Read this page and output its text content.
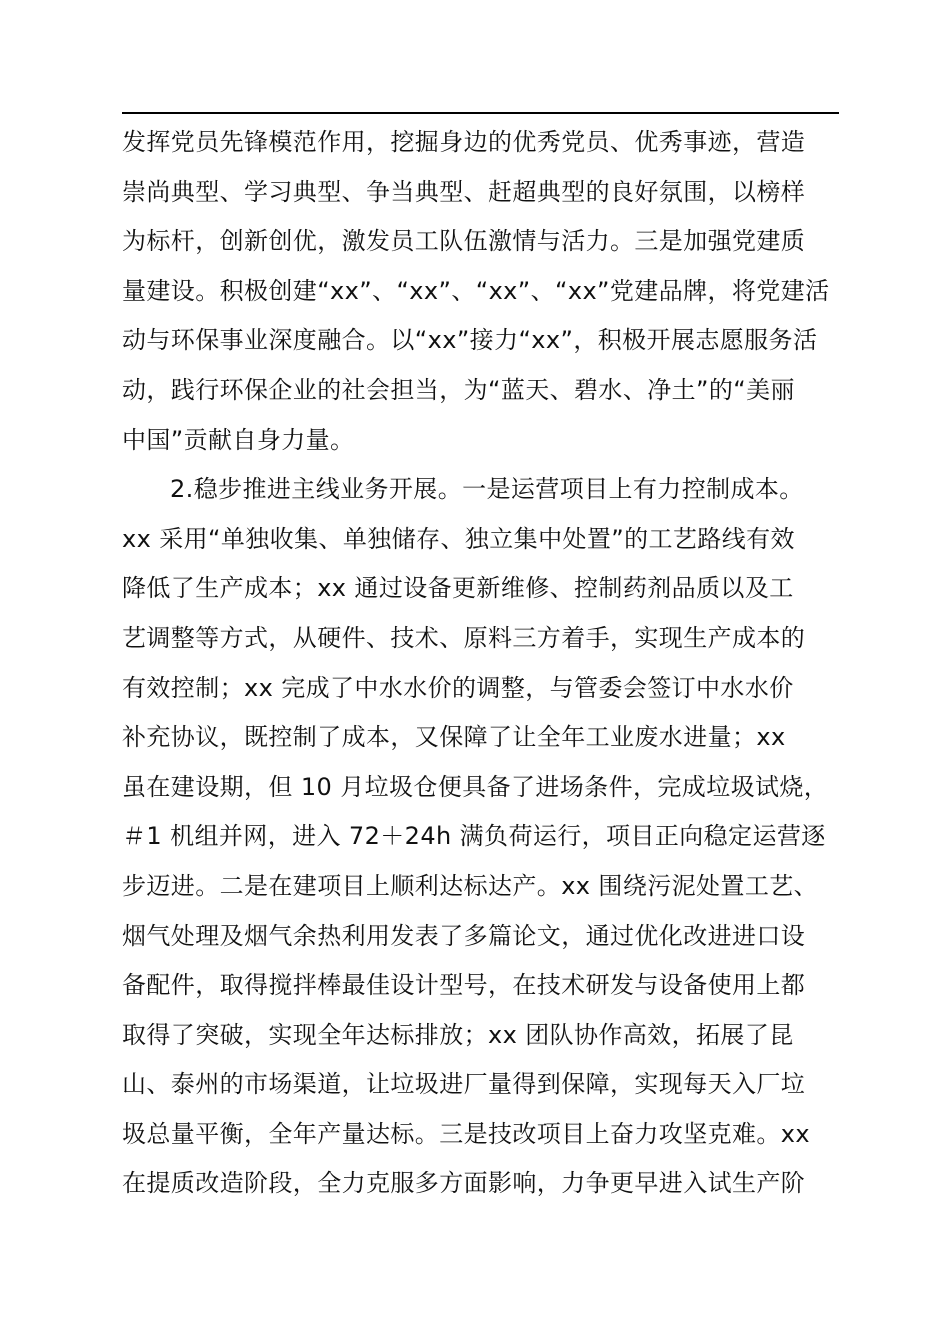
发挥党员先锋模范作用，挖掘身边的优秀党员、优秀事迹，营造
崇尚典型、学习典型、争当典型、赶超典型的良好氛围，以榜样
为标杆，创新创优，激发员工队伍激情与活力。三是加强党建质
量建设。积极创建“xx”、“xx”、“xx”、“xx”党建品牌，将党建活
动与环保事业深度融合。以“xx”接力“xx”，积极开展志愿服务活
动，践行环保企业的社会担当，为“蓝天、碧水、净土”的“美丽
中国”贡献自身力量。
2.稳步推进主线业务开展。一是运营项目上有力控制成本。
xx 采用“单独收集、单独储存、独立集中处置”的工艺路线有效
降低了生产成本；xx 通过设备更新维修、控制药剂品质以及工
艺调整等方式，从硬件、技术、原料三方着手，实现生产成本的
有效控制；xx 完成了中水水价的调整，与管委会签订中水水价
补充协议，既控制了成本，又保障了让全年工业废水进量；xx
虽在建设期，但 10 月垃圾仓便具备了进场条件，完成垃圾试烧，
＃1 机组并网，进入 72＋24h 满负荷运行，项目正向稳定运营逐
步迈进。二是在建项目上顺利达标达产。xx 围绕污泥处置工艺、
烟气处理及烟气余热利用发表了多篇论文，通过优化改进进口设
备配件，取得搅拌棒最佳设计型号，在技术研发与设备使用上都
取得了突破，实现全年达标排放；xx 团队协作高效，拓展了昆
山、泰州的市场渠道，让垃圾进厂量得到保障，实现每天入厂垃
圾总量平衡，全年产量达标。三是技改项目上奋力攻坚克难。xx
在提质改造阶段，全力克服多方面影响，力争更早进入试生产阶
